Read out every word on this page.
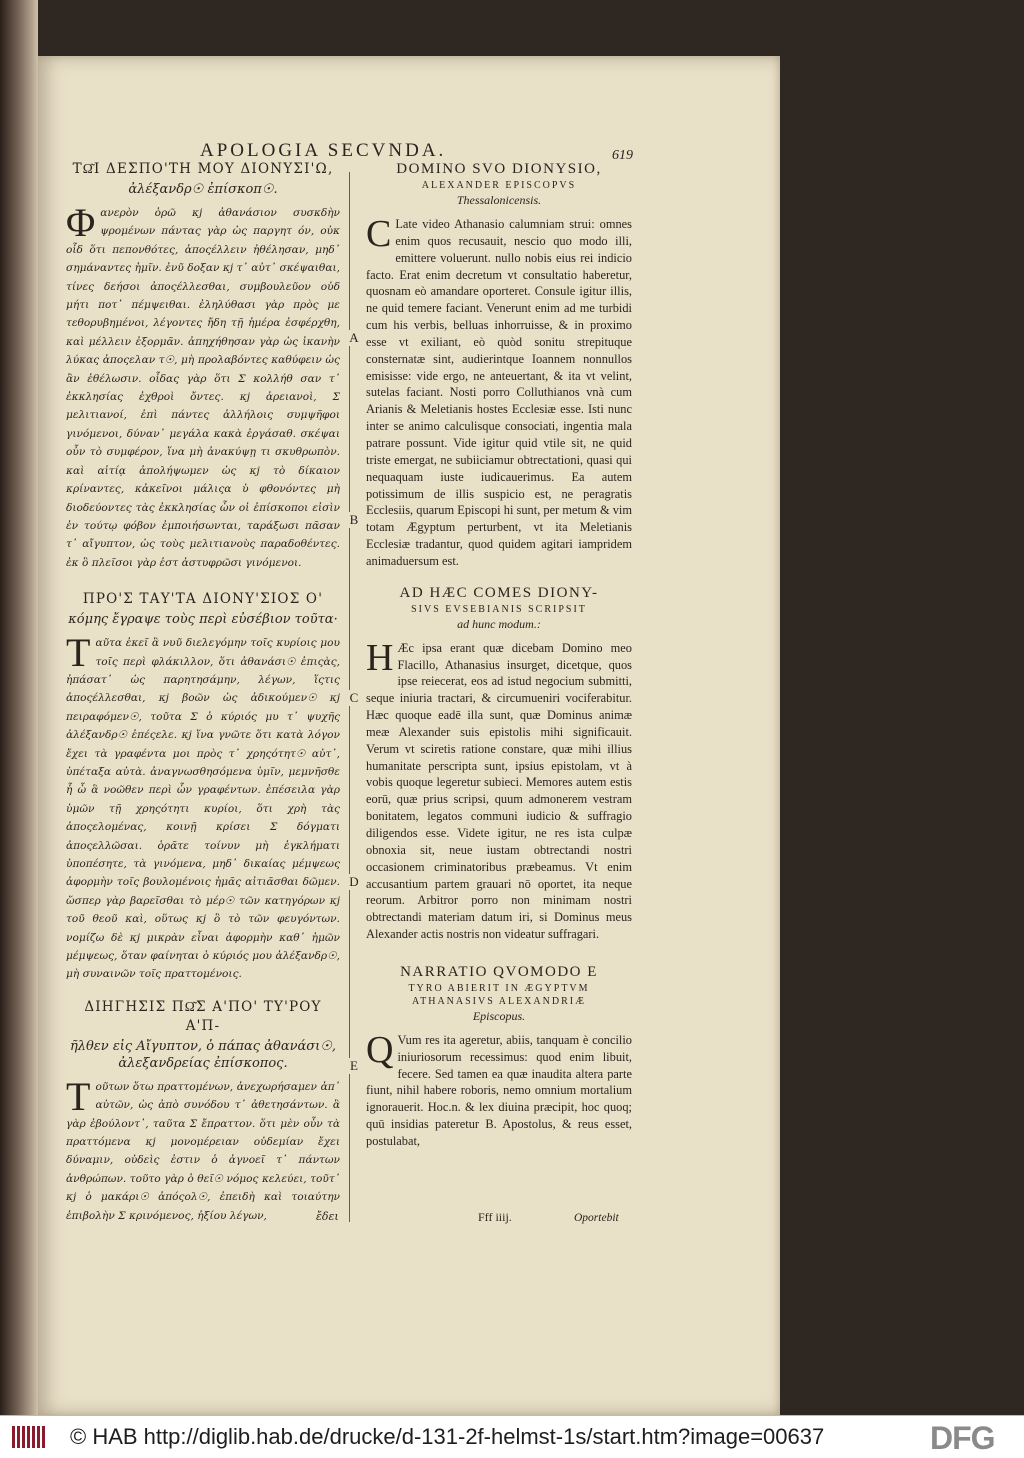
APOLOGIA SECVNDA.	619
A
B
C
D
E

ΤΩ͂Ι ΔΕΣΠΟ'ΤΗ ΜΟΥ ΔΙΟΝΥΣΙ'Ω,

ἀλέξανδρ☉ ἐπίσκοπ☉.

Φανερὸν ὁρῶ κϳ ἀθανάσιον συσκδὴν ψρομένων πάντας γὰρ ὡς παργητ όν, οὐκ οἶδ ὅτι πεπονθότες, ἀποςέλλειν ἠθέλησαν, μηδ᾽ σημάναντες ἡμῖν. ἐνῦ δοξαν κϳ τ᾽ αὐτ᾽ σκέψαιθαι, τίνες δεήσοι ἀποςέλλεσθαι, συμβουλεῦον οὐδ μήτι ποτ᾽ πέμψειθαι. ἐληλύθασι γὰρ πρὸς με τεθορυβημένοι, λέγοντες ἤδη τῇ ἡμέρα ἐσφέρχθη, καὶ μέλλειν ἐξορμᾶν. ἀπηχήθησαν γὰρ ὡς ἰκανὴν λύκας ἀποςελαν τ☉, μὴ προλαβόντες καθύφειν ὡς ἂν ἐθέλωσιν. οἶδας γὰρ ὅτι Σ κολλήθ σαν τ᾽ ἐκκλησίας ἐχθροὶ ὄντες. κϳ ἀρειανοὶ, Σ μελιτιανοί, ἐπὶ πάντες ἀλλήλοις συμψῆφοι γινόμενοι, δύναν᾽ μεγάλα κακὰ ἐργάσαθ. σκέψαι οὖν τὸ συμφέρον, ἵνα μὴ ἀνακύψῃ τι σκυθρωπὸν. καὶ αἰτίᾳ ἀπολήψωμεν ὡς κϳ τὸ δίκαιον κρίναντες, κἀκεῖνοι μάλιςα ὑ φθονόντες μὴ διοδεύοντες τὰς ἐκκλησίας ὧν οἱ ἐπίσκοποι εἰσὶν ἐν τούτῳ φόβον ἐμποιήσωνται, ταράξωσι πᾶσαν τ᾽ αἴγυπτον, ὡς τοὺς μελιτιανοὺς παραδοθέντες. ἐκ ὃ πλεῖσοι γὰρ ἐστ ἀστυφρῶσι γινόμενοι.

ΠΡΟ'Σ ΤΑΥ'ΤΑ ΔΙΟΝΥ'ΣΙΟΣ Ο'

κόμης ἔγραψε τοὺς περὶ εὐσέβιον τοῦτα·

Ταῦτα ἐκεῖ ἃ νυῦ διελεγόμην τοῖς κυρίοις μου τοῖς περὶ φλάκιλλον, ὅτι ἀθανάσι☉ ἐπιςὰς, ἠπάσατ᾽ ὡς παρητησάμην, λέγων, ἵςτις ἀποςέλλεσθαι, κϳ βοῶν ὡς ἀδικούμεν☉ κϳ πειραφόμεν☉, τοῦτα Σ ὁ κύριός μυ τ᾽ ψυχῆς ἀλέξανδρ☉ ἐπέςελε. κϳ ἵνα γνῶτε ὅτι κατὰ λόγον ἔχει τὰ γραφέντα μοι πρὸς τ᾽ χρηςότητ☉ αὐτ᾽, ὑπέταξα αὐτὰ. ἀναγνωσθησόμενα ὑμῖν, μεμνῆσθε ἧ ὧ ἃ νοῶθεν περὶ ὧν γραφέντων. ἐπέσειλα γὰρ ὑμῶν τῇ χρηςότητι κυρίοι, ὅτι χρὴ τὰς ἀποςελομένας, κοινῇ κρίσει Σ δόγματι ἀποςελλῶσαι. ὁρᾶτε τοίνυν μὴ ἐγκλήματι ὑποπέσητε, τὰ γινόμενα, μηδ᾽ δικαίας μέμψεως ἀφορμὴν τοῖς βουλομένοις ἡμᾶς αἰτιᾶσθαι δῶμεν. ὥσπερ γὰρ βαρεῖσθαι τὸ μέρ☉ τῶν κατηγόρων κϳ τοῦ θεοῦ καὶ, οὕτως κϳ ὃ τὸ τῶν φευγόντων. νομίζω δὲ κϳ μικρὰν εἶναι ἀφορμὴν καθ᾽ ἡμῶν μέμψεως, ὅταν φαίνηται ὁ κύριός μου ἀλέξανδρ☉, μὴ συναινῶν τοῖς πραττομένοις.

ΔΙΗΓΗΣΙΣ ΠΩ͂Σ Α'ΠΟ' ΤΥ'ΡΟΥ Α'Π-

ῆλθεν εἰς Αἴγυπτον, ὁ πάπας ἀθανάσι☉, ἀλεξανδρείας ἐπίσκοπος.

Τοῦτων ὅτω πραττομένων, ἀνεχωρήσαμεν ἀπ᾽ αὐτῶν, ὡς ἀπὸ συνόδου τ᾽ ἀθετησάντων. ἃ γὰρ ἐβούλοντ᾽, ταῦτα Σ ἔπραττον. ὅτι μὲν οὖν τὰ πραττόμενα κϳ μονομέρειαν οὐδεμίαν ἔχει δύναμιν, οὐδεὶς ἐστιν ὁ ἀγνοεῖ τ᾽ πάντων ἀνθρώπων. τοῦτο γὰρ ὁ θεῖ☉ νόμος κελεύει, τοῦτ᾽ κϳ ὁ μακάρι☉ ἀπόςολ☉, ἐπειδὴ καὶ τοιαύτην ἐπιβολὴν Σ κρινόμενος, ἠξίου λέγων,	ἔδει

DOMINO SVO DIONYSIO,

ALEXANDER EPISCOPVS

Thessalonicensis.

C Late video Athanasio calumniam strui: omnes enim quos recusauit, nescio quo modo illi, emittere voluerunt. nullo nobis eius rei indicio facto. Erat enim decretum vt consultatio haberetur, quosnam eò amandare oporteret. Consule igitur illis, ne quid temere faciant. Venerunt enim ad me turbidi cum his verbis, belluas inhorruisse, & in proximo esse vt exiliant, eò quòd sonitu strepituque consternatæ sint, audierintque Ioannem nonnullos emisisse: vide ergo, ne anteuertant, & ita vt velint, sutelas faciant. Nosti porro Colluthianos vnà cum Arianis & Meletianis hostes Ecclesiæ esse. Isti nunc inter se animo calculisque consociati, ingentia mala patrare possunt. Vide igitur quid vtile sit, ne quid triste emergat, ne subiiciamur obtrectationi, quasi qui nequaquam iuste iudicauerimus. Ea autem potissimum de illis suspicio est, ne peragratis Ecclesiis, quarum Episcopi hi sunt, per metum & vim totam Ægyptum perturbent, vt ita Meletianis Ecclesiæ tradantur, quod quidem agitari iampridem animaduersum est.

AD HÆC COMES DIONY-

SIVS EVSEBIANIS SCRIPSIT

ad hunc modum.:

H Æc ipsa erant quæ dicebam Domino meo Flacillo, Athanasius insurget, dicetque, quos ipse reiecerat, eos ad istud negocium submitti, seque iniuria tractari, & circumueniri vociferabitur. Hæc quoque eadē illa sunt, quæ Dominus animæ meæ Alexander suis epistolis mihi significauit. Verum vt sciretis ratione constare, quæ mihi illius humanitate perscripta sunt, ipsius epistolam, vt à vobis quoque legeretur subieci. Memores autem estis eorū, quæ prius scripsi, quum admonerem vestram bonitatem, legatos communi iudicio & suffragio diligendos esse. Videte igitur, ne res ista culpæ obnoxia sit, neue iustam obtrectandi nostri occasionem criminatoribus præbeamus. Vt enim accusantium partem grauari nō oportet, ita neque reorum. Arbitror porro non minimam nostri obtrectandi materiam datum iri, si Dominus meus Alexander actis nostris non videatur suffragari.

NARRATIO QVOMODO E

TYRO ABIERIT IN ÆGYPTVM ATHANASIVS ALEXANDRIÆ

Episcopus.

Q Vum res ita ageretur, abiis, tanquam è concilio iniuriosorum recessimus: quod enim libuit, fecere. Sed tamen ea quæ inaudita altera parte fiunt, nihil habere roboris, nemo omnium mortalium ignorauerit. Hoc.n. & lex diuina præcipit, hoc quoq; quū insidias pateretur B. Apostolus, & reus esset, postulabat,

Fff iiij.	Oportebit
© HAB http://diglib.hab.de/drucke/d-131-2f-helmst-1s/start.htm?image=00637	DFG
